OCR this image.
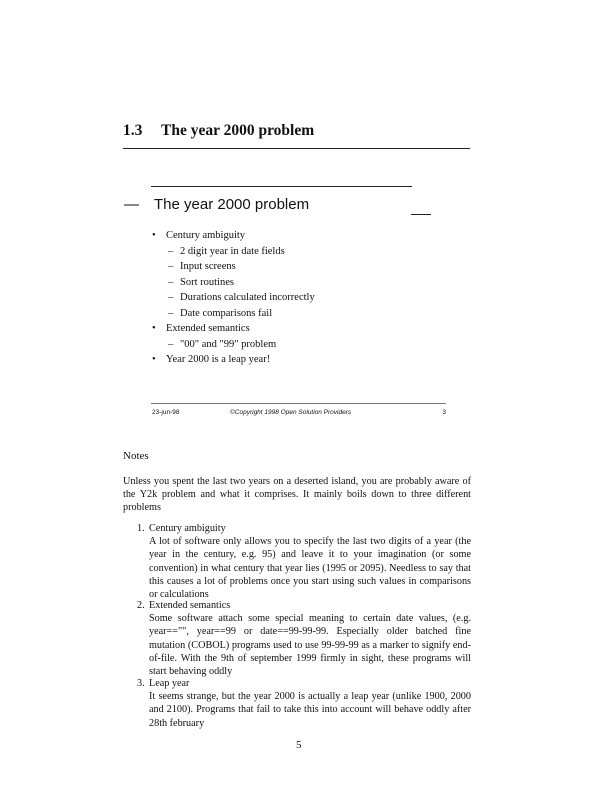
1.3 The year 2000 problem
— The year 2000 problem
• Century ambiguity
– 2 digit year in date fields
– Input screens
– Sort routines
– Durations calculated incorrectly
– Date comparisons fail
• Extended semantics
– "00" and "99" problem
• Year 2000 is a leap year!
23-jun-98	©Copyright 1998 Open Solution Providers	3
Notes
Unless you spent the last two years on a deserted island, you are probably aware of the Y2k problem and what it comprises. It mainly boils down to three different problems
1. Century ambiguity
A lot of software only allows you to specify the last two digits of a year (the year in the century, e.g. 95) and leave it to your imagination (or some convention) in what century that year lies (1995 or 2095). Needless to say that this causes a lot of problems once you start using such values in comparisons or calculations
2. Extended semantics
Some software attach some special meaning to certain date values, (e.g. year=="", year==99 or date==99-99-99. Especially older batched fine mutation (COBOL) programs used to use 99-99-99 as a marker to signify end-of-file. With the 9th of september 1999 firmly in sight, these programs will start behaving oddly
3. Leap year
It seems strange, but the year 2000 is actually a leap year (unlike 1900, 2000 and 2100). Programs that fail to take this into account will behave oddly after 28th february
5
